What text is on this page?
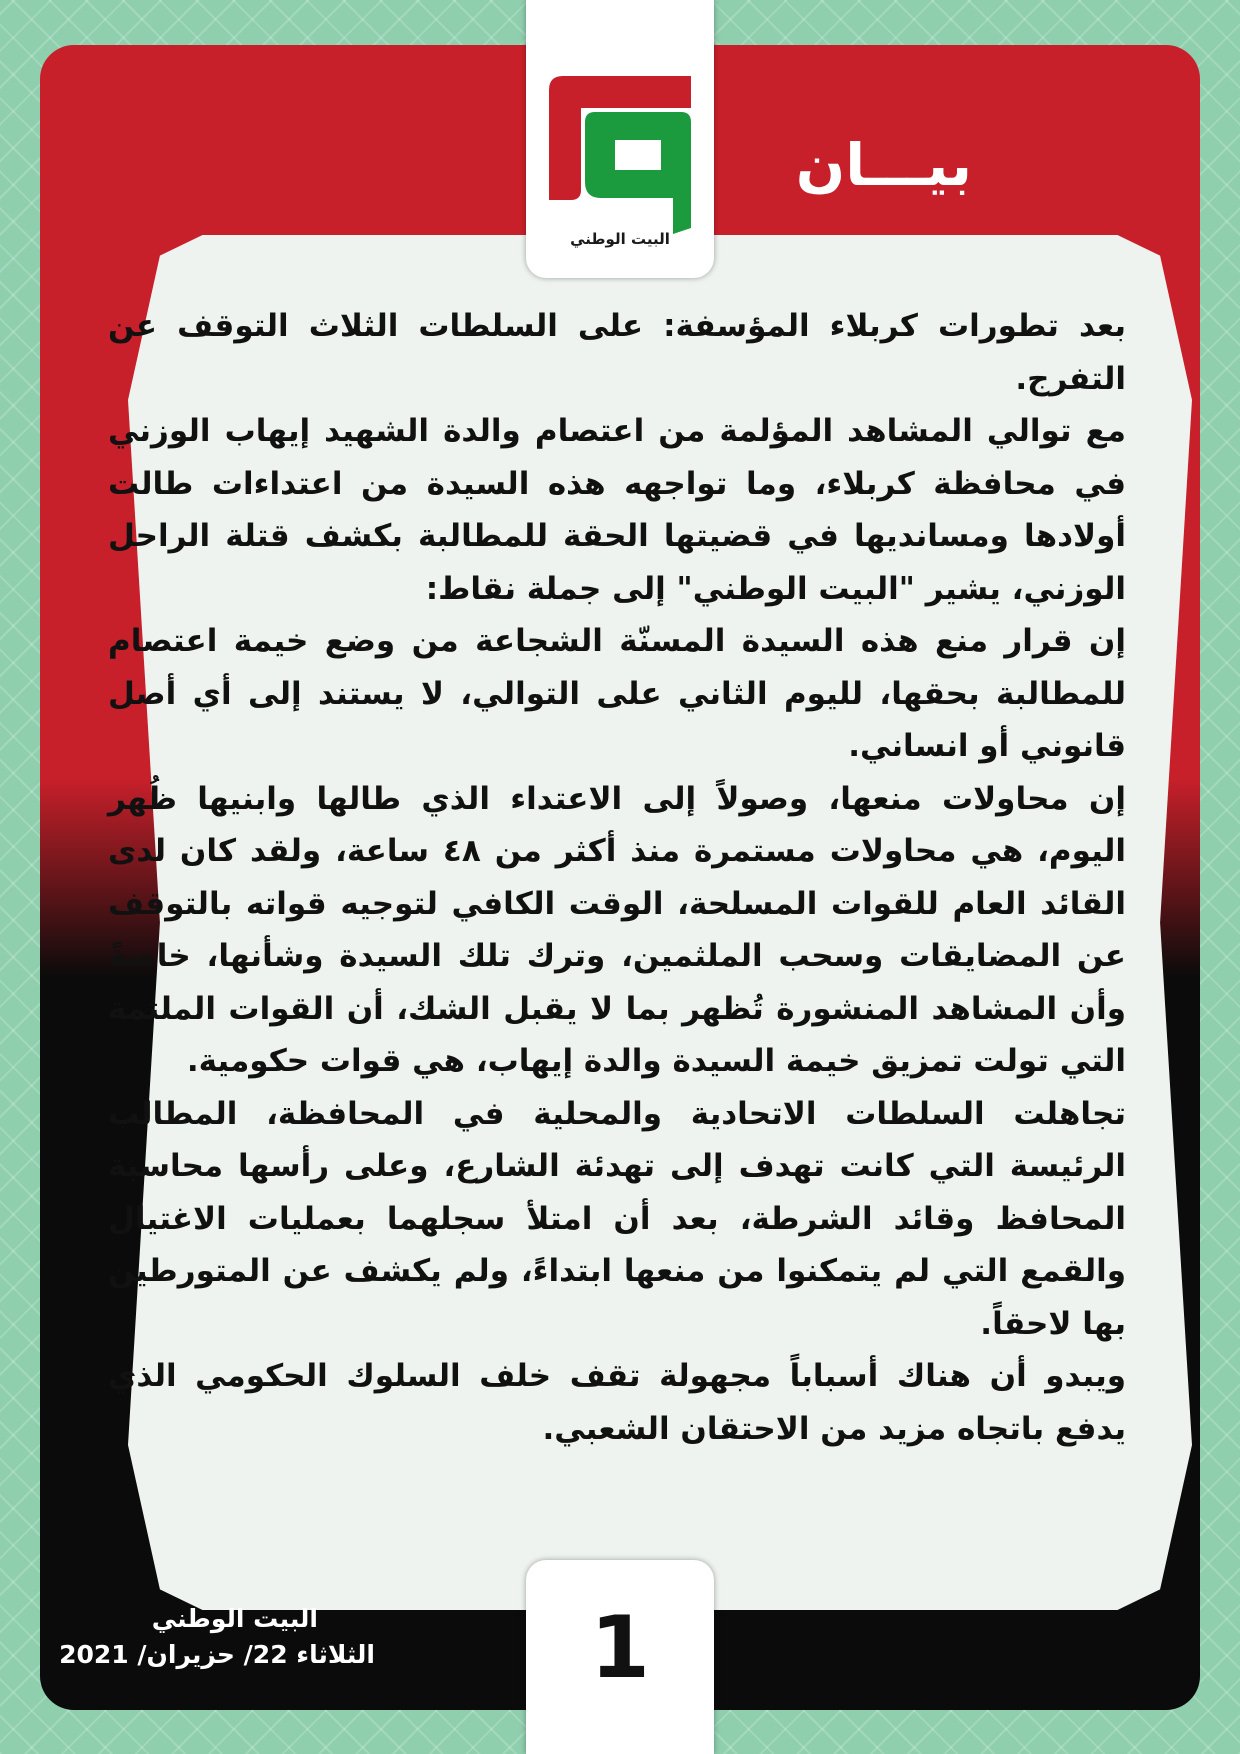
بيـــان
البيت الوطني

بعد تطورات كربلاء المؤسفة: على السلطات الثلاث التوقف عن التفرج.

مع توالي المشاهد المؤلمة من اعتصام والدة الشهيد إيهاب الوزني في محافظة كربلاء، وما تواجهه هذه السيدة من اعتداءات طالت أولادها ومسانديها في قضيتها الحقة للمطالبة بكشف قتلة الراحل الوزني، يشير "البيت الوطني" إلى جملة نقاط:

إن قرار منع هذه السيدة المسنّة الشجاعة من وضع خيمة اعتصام للمطالبة بحقها، لليوم الثاني على التوالي، لا يستند إلى أي أصل قانوني أو انساني.

إن محاولات منعها، وصولاً إلى الاعتداء الذي طالها وابنيها ظُهر اليوم، هي محاولات مستمرة منذ أكثر من ٤٨ ساعة، ولقد كان لدى القائد العام للقوات المسلحة، الوقت الكافي لتوجيه قواته بالتوقف عن المضايقات وسحب الملثمين، وترك تلك السيدة وشأنها، خاصةً وأن المشاهد المنشورة تُظهر بما لا يقبل الشك، أن القوات الملثمة التي تولت تمزيق خيمة السيدة والدة إيهاب، هي قوات حكومية.

تجاهلت السلطات الاتحادية والمحلية في المحافظة، المطالب الرئيسة التي كانت تهدف إلى تهدئة الشارع، وعلى رأسها محاسبة المحافظ وقائد الشرطة، بعد أن امتلأ سجلهما بعمليات الاغتيال والقمع التي لم يتمكنوا من منعها ابتداءً، ولم يكشف عن المتورطين بها لاحقاً.

ويبدو أن هناك أسباباً مجهولة تقف خلف السلوك الحكومي الذي يدفع باتجاه مزيد من الاحتقان الشعبي.

1

البيت الوطني

الثلاثاء 22/ حزيران/ 2021
